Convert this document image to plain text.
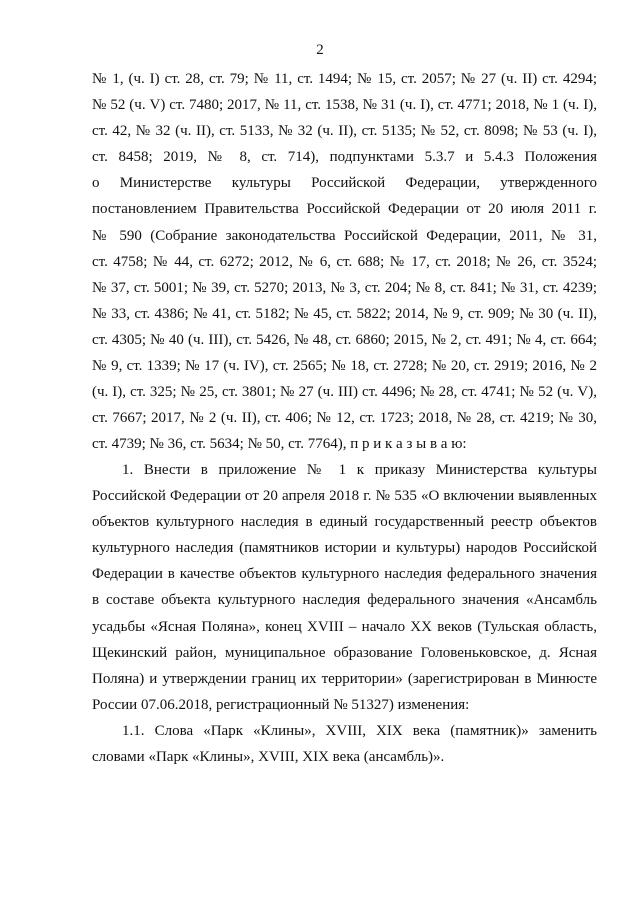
2
№ 1, (ч. I) ст. 28, ст. 79; № 11, ст. 1494; № 15, ст. 2057; № 27 (ч. II) ст. 4294;
№ 52 (ч. V) ст. 7480; 2017, № 11, ст. 1538, № 31 (ч. I), ст. 4771; 2018, № 1 (ч. I),
ст. 42, № 32 (ч. II), ст. 5133, № 32 (ч. II), ст. 5135; № 52, ст. 8098; № 53 (ч. I),
ст. 8458; 2019, № 8, ст. 714), подпунктами 5.3.7 и 5.4.3 Положения
о Министерстве культуры Российской Федерации, утвержденного
постановлением Правительства Российской Федерации от 20 июля 2011 г.
№ 590 (Собрание законодательства Российской Федерации, 2011, № 31,
ст. 4758; № 44, ст. 6272; 2012, № 6, ст. 688; № 17, ст. 2018; № 26, ст. 3524;
№ 37, ст. 5001; № 39, ст. 5270; 2013, № 3, ст. 204; № 8, ст. 841; № 31, ст. 4239;
№ 33, ст. 4386; № 41, ст. 5182; № 45, ст. 5822; 2014, № 9, ст. 909; № 30 (ч. II),
ст. 4305; № 40 (ч. III), ст. 5426, № 48, ст. 6860; 2015, № 2, ст. 491; № 4, ст. 664;
№ 9, ст. 1339; № 17 (ч. IV), ст. 2565; № 18, ст. 2728; № 20, ст. 2919; 2016, № 2
(ч. I), ст. 325; № 25, ст. 3801; № 27 (ч. III) ст. 4496; № 28, ст. 4741; № 52 (ч. V),
ст. 7667; 2017, № 2 (ч. II), ст. 406; № 12, ст. 1723; 2018, № 28, ст. 4219; № 30,
ст. 4739; № 36, ст. 5634; № 50, ст. 7764), п р и к а з ы в а ю:
1. Внести в приложение № 1 к приказу Министерства культуры
Российской Федерации от 20 апреля 2018 г. № 535 «О включении выявленных
объектов культурного наследия в единый государственный реестр объектов
культурного наследия (памятников истории и культуры) народов Российской
Федерации в качестве объектов культурного наследия федерального значения
в составе объекта культурного наследия федерального значения «Ансамбль
усадьбы «Ясная Поляна», конец XVIII – начало XX веков (Тульская область,
Щекинский район, муниципальное образование Головеньковское, д. Ясная
Поляна) и утверждении границ их территории» (зарегистрирован в Минюсте
России 07.06.2018, регистрационный № 51327) изменения:
1.1. Слова «Парк «Клины», XVIII, XIX века (памятник)» заменить
словами «Парк «Клины», XVIII, XIX века (ансамбль)».
